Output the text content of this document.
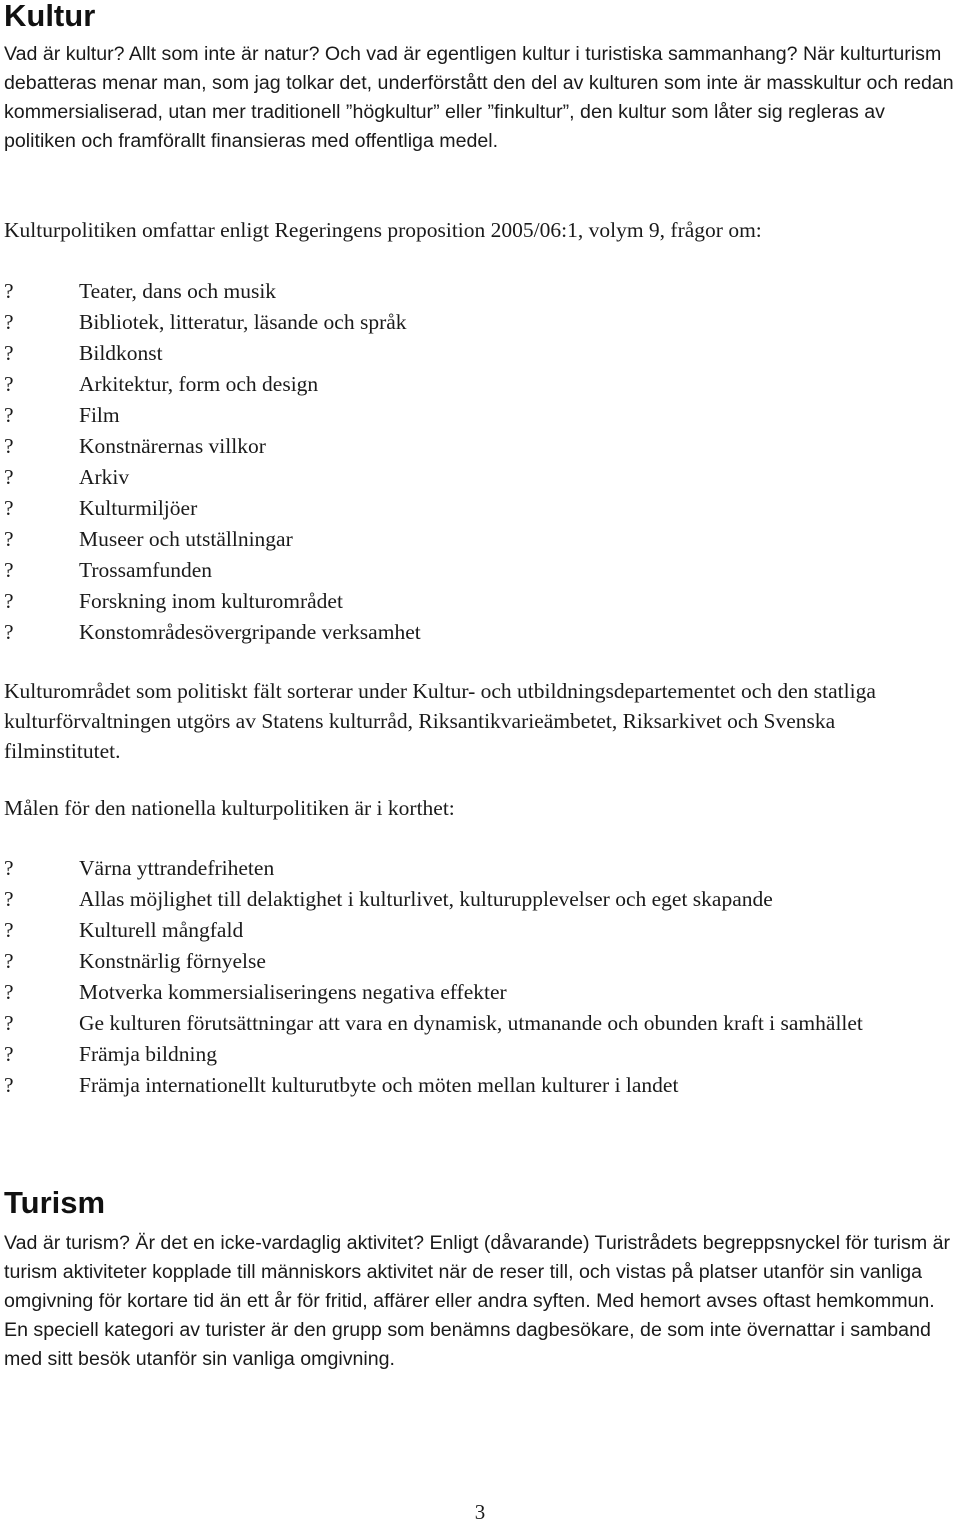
Kultur

Vad är kultur? Allt som inte är natur? Och vad är egentligen kultur i turistiska sammanhang? När kulturturism debatteras menar man, som jag tolkar det, underförstått den del av kulturen som inte är masskultur och redan kommersialiserad, utan mer traditionell ”högkultur” eller ”finkultur”, den kultur som låter sig regleras av politiken och framförallt finansieras med offentliga medel.

Kulturpolitiken omfattar enligt Regeringens proposition 2005/06:1, volym 9, frågor om:

?	Teater, dans och musik
?	Bibliotek, litteratur, läsande och språk
?	Bildkonst
?	Arkitektur, form och design
?	Film
?	Konstnärernas villkor
?	Arkiv
?	Kulturmiljöer
?	Museer och utställningar
?	Trossamfunden
?	Forskning inom kulturområdet
?	Konstområdesövergripande verksamhet

Kulturområdet som politiskt fält sorterar under Kultur- och utbildningsdepartementet och den statliga kulturförvaltningen utgörs av Statens kulturråd, Riksantikvarieämbetet, Riksarkivet och Svenska filminstitutet.

Målen för den nationella kulturpolitiken är i korthet:

?	Värna yttrandefriheten
?	Allas möjlighet till delaktighet i kulturlivet, kulturupplevelser och eget skapande
?	Kulturell mångfald
?	Konstnärlig förnyelse
?	Motverka kommersialiseringens negativa effekter
?	Ge kulturen förutsättningar att vara en dynamisk, utmanande och obunden kraft i samhället
?	Främja bildning
?	Främja internationellt kulturutbyte och möten mellan kulturer i landet
Turism

Vad är turism? Är det en icke-vardaglig aktivitet? Enligt (dåvarande) Turistrådets begreppsnyckel för turism är turism aktiviteter kopplade till människors aktivitet när de reser till, och vistas på platser utanför sin vanliga omgivning för kortare tid än ett år för fritid, affärer eller andra syften. Med hemort avses oftast hemkommun. En speciell kategori av turister är den grupp som benämns dagbesökare, de som inte övernattar i samband med sitt besök utanför sin vanliga omgivning.

3
